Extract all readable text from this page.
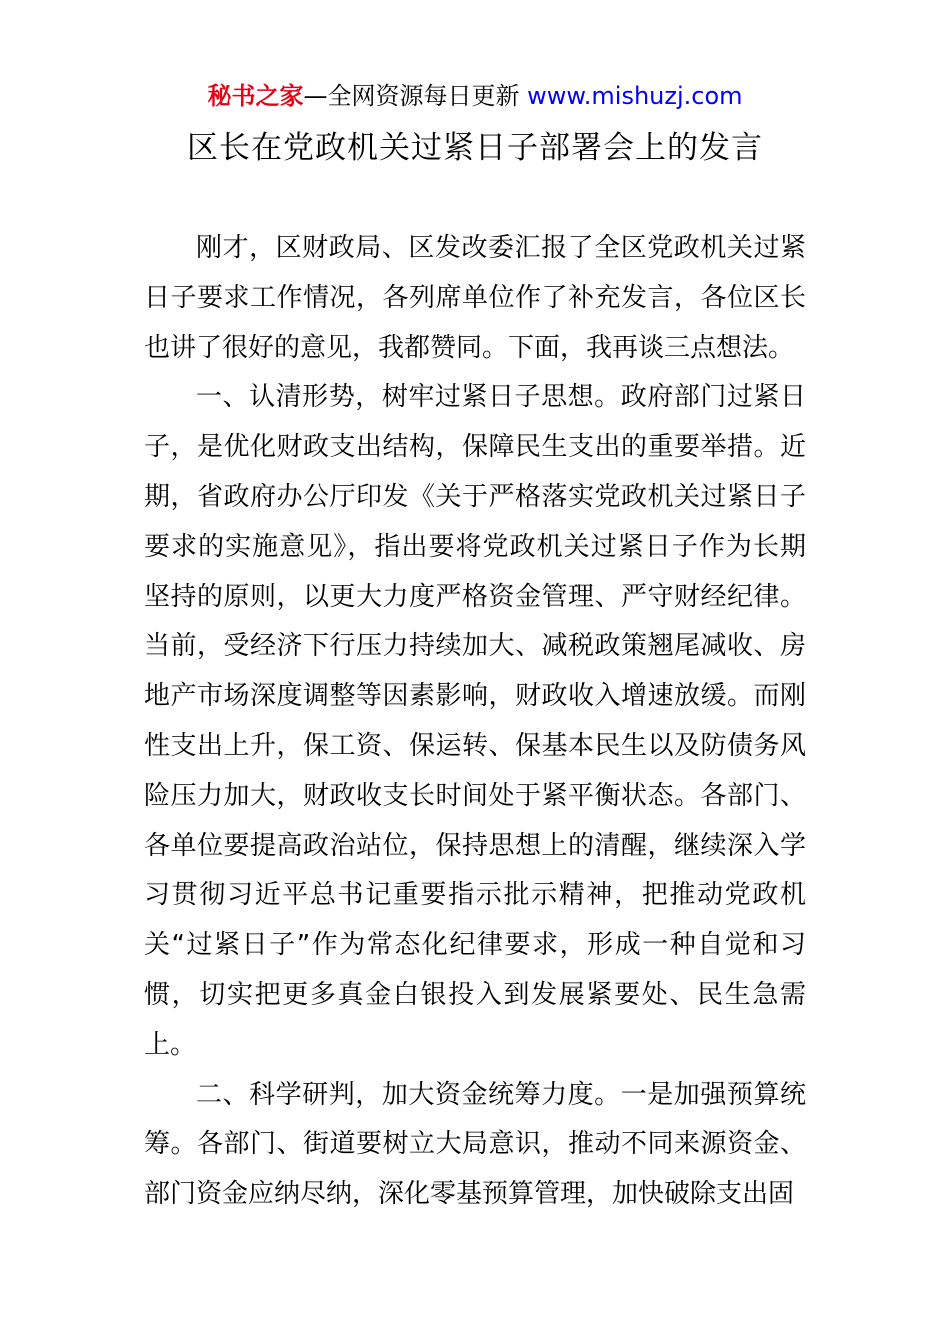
秘书之家—全网资源每日更新 www.mishuzj.com
区长在党政机关过紧日子部署会上的发言

刚才，区财政局、区发改委汇报了全区党政机关过紧日子要求工作情况，各列席单位作了补充发言，各位区长也讲了很好的意见，我都赞同。下面，我再谈三点想法。

一、认清形势，树牢过紧日子思想。政府部门过紧日子，是优化财政支出结构，保障民生支出的重要举措。近期，省政府办公厅印发《关于严格落实党政机关过紧日子要求的实施意见》，指出要将党政机关过紧日子作为长期坚持的原则，以更大力度严格资金管理、严守财经纪律。当前，受经济下行压力持续加大、减税政策翘尾减收、房地产市场深度调整等因素影响，财政收入增速放缓。而刚性支出上升，保工资、保运转、保基本民生以及防债务风险压力加大，财政收支长时间处于紧平衡状态。各部门、各单位要提高政治站位，保持思想上的清醒，继续深入学习贯彻习近平总书记重要指示批示精神，把推动党政机关“过紧日子”作为常态化纪律要求，形成一种自觉和习惯，切实把更多真金白银投入到发展紧要处、民生急需上。

二、科学研判，加大资金统筹力度。一是加强预算统筹。各部门、街道要树立大局意识，推动不同来源资金、部门资金应纳尽纳，深化零基预算管理，加快破除支出固
